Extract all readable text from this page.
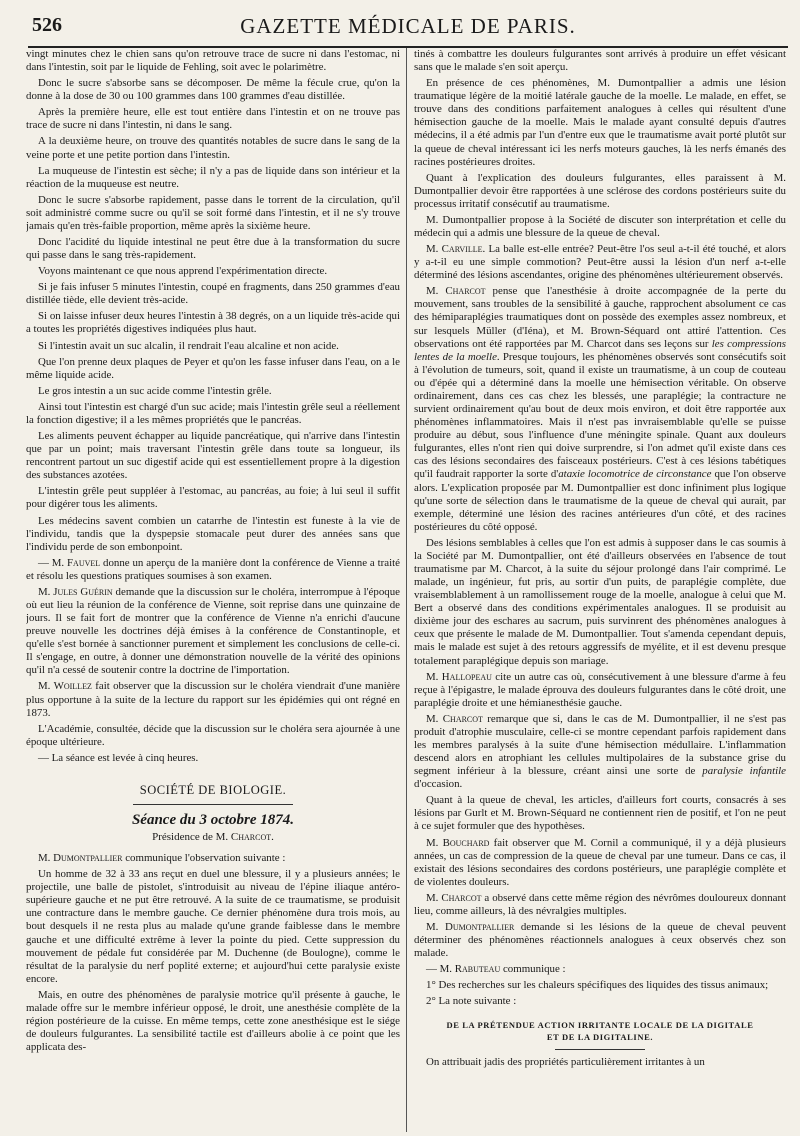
526	GAZETTE MÉDICALE DE PARIS.

vingt minutes chez le chien sans qu'on retrouve trace de sucre ni dans l'estomac, ni dans l'intestin, soit par le liquide de Fehling, soit avec le polarimètre.

Donc le sucre s'absorbe sans se décomposer. De même la fécule crue, qu'on la donne à la dose de 30 ou 100 grammes dans 100 grammes d'eau distillée.

Après la première heure, elle est tout entière dans l'intestin et on ne trouve pas trace de sucre ni dans l'intestin, ni dans le sang.

A la deuxième heure, on trouve des quantités notables de sucre dans le sang de la veine porte et une petite portion dans l'intestin.

La muqueuse de l'intestin est sèche; il n'y a pas de liquide dans son intérieur et la réaction de la muqueuse est neutre.

Donc le sucre s'absorbe rapidement, passe dans le torrent de la circulation, qu'il soit administré comme sucre ou qu'il se soit formé dans l'intestin, et il ne s'y trouve jamais qu'en très-faible proportion, même après la sixième heure.

Donc l'acidité du liquide intestinal ne peut être due à la transformation du sucre qui passe dans le sang très-rapidement.

Voyons maintenant ce que nous apprend l'expérimentation directe.

Si je fais infuser 5 minutes l'intestin, coupé en fragments, dans 250 grammes d'eau distillée tiède, elle devient très-acide.

Si on laisse infuser deux heures l'intestin à 38 degrés, on a un liquide très-acide qui a toutes les propriétés digestives indiquées plus haut.

Si l'intestin avait un suc alcalin, il rendrait l'eau alcaline et non acide.

Que l'on prenne deux plaques de Peyer et qu'on les fasse infuser dans l'eau, on a le même liquide acide.

Le gros intestin a un suc acide comme l'intestin grêle.

Ainsi tout l'intestin est chargé d'un suc acide; mais l'intestin grêle seul a réellement la fonction digestive; il a les mêmes propriétés que le pancréas.

Les aliments peuvent échapper au liquide pancréatique, qui n'arrive dans l'intestin que par un point; mais traversant l'intestin grêle dans toute sa longueur, ils rencontrent partout un suc digestif acide qui est essentiellement propre à la digestion des substances azotées.

L'intestin grêle peut suppléer à l'estomac, au pancréas, au foie; à lui seul il suffit pour digérer tous les aliments.

Les médecins savent combien un catarrhe de l'intestin est funeste à la vie de l'individu, tandis que la dyspepsie stomacale peut durer des années sans que l'individu perde de son embonpoint.

— M. Fauvel donne un aperçu de la manière dont la conférence de Vienne a traité et résolu les questions pratiques soumises à son examen.

M. Jules Guérin demande que la discussion sur le choléra, interrompue à l'époque où eut lieu la réunion de la conférence de Vienne, soit reprise dans une quinzaine de jours. Il se fait fort de montrer que la conférence de Vienne n'a enrichi d'aucune preuve nouvelle les doctrines déjà émises à la conférence de Constantinople, et qu'elle s'est bornée à sanctionner purement et simplement les conclusions de celle-ci. Il s'engage, en outre, à donner une démonstration nouvelle de la vérité des opinions qu'il n'a cessé de soutenir contre la doctrine de l'importation.

M. Woillez fait observer que la discussion sur le choléra viendrait d'une manière plus opportune à la suite de la lecture du rapport sur les épidémies qui ont régné en 1873.

L'Académie, consultée, décide que la discussion sur le choléra sera ajournée à une époque ultérieure.

— La séance est levée à cinq heures.

SOCIÉTÉ DE BIOLOGIE.
Séance du 3 octobre 1874.
Présidence de M. Charcot.

M. Dumontpallier communique l'observation suivante :

Un homme de 32 à 33 ans reçut en duel une blessure, il y a plusieurs années; le projectile, une balle de pistolet, s'introduisit au niveau de l'épine iliaque antéro-supérieure gauche et ne put être retrouvé. A la suite de ce traumatisme, se produisit une contracture dans le membre gauche. Ce dernier phénomène dura trois mois, au bout desquels il ne resta plus au malade qu'une grande faiblesse dans le membre gauche et une difficulté extrême à lever la pointe du pied. Cette suppression du mouvement de pédale fut considérée par M. Duchenne (de Boulogne), comme le résultat de la paralysie du nerf poplité externe; et aujourd'hui cette paralysie existe encore.

Mais, en outre des phénomènes de paralysie motrice qu'il présente à gauche, le malade offre sur le membre inférieur opposé, le droit, une anesthésie complète de la région postérieure de la cuisse. En même temps, cette zone anesthésique est le siége de douleurs fulgurantes. La sensibilité tactile est d'ailleurs abolie à ce point que les applicata des-

tinés à combattre les douleurs fulgurantes sont arrivés à produire un effet vésicant sans que le malade s'en soit aperçu.

En présence de ces phénomènes, M. Dumontpallier a admis une lésion traumatique légère de la moitié latérale gauche de la moelle. Le malade, en effet, se trouve dans des conditions parfaitement analogues à celles qui résultent d'une hémisection gauche de la moelle. Mais le malade ayant consulté depuis d'autres médecins, il a été admis par l'un d'entre eux que le traumatisme avait porté plutôt sur la queue de cheval intéressant ici les nerfs moteurs gauches, là les nerfs émanés des racines postérieures droites.

Quant à l'explication des douleurs fulgurantes, elles paraissent à M. Dumontpallier devoir être rapportées à une sclérose des cordons postérieurs suite du processus irritatif consécutif au traumatisme.

M. Dumontpallier propose à la Société de discuter son interprétation et celle du médecin qui a admis une blessure de la queue de cheval.

M. Carville. La balle est-elle entrée? Peut-être l'os seul a-t-il été touché, et alors y a-t-il eu une simple commotion? Peut-être aussi la lésion d'un nerf a-t-elle déterminé des lésions ascendantes, origine des phénomènes ultérieurement observés.

M. Charcot pense que l'anesthésie à droite accompagnée de la perte du mouvement, sans troubles de la sensibilité à gauche, rapprochent absolument ce cas des hémiparaplégies traumatiques dont on possède des exemples assez nombreux, et sur lesquels Müller (d'Iéna), et M. Brown-Séquard ont attiré l'attention. Ces observations ont été rapportées par M. Charcot dans ses leçons sur les compressions lentes de la moelle. Presque toujours, les phénomènes observés sont consécutifs soit à l'évolution de tumeurs, soit, quand il existe un traumatisme, à un coup de couteau ou d'épée qui a déterminé dans la moelle une hémisection véritable. On observe ordinairement, dans ces cas chez les blessés, une paraplégie; la contracture ne survient ordinairement qu'au bout de deux mois environ, et doit être rapportée aux phénomènes inflammatoires. Mais il n'est pas invraisemblable qu'elle se puisse produire au début, sous l'influence d'une méningite spinale. Quant aux douleurs fulgurantes, elles n'ont rien qui doive surprendre, si l'on admet qu'il existe dans ces cas des lésions secondaires des faisceaux postérieurs. C'est à ces lésions tabétiques qu'il faudrait rapporter la sorte d'ataxie locomotrice de circonstance que l'on observe alors. L'explication proposée par M. Dumontpallier est donc infiniment plus logique qu'une sorte de sélection dans le traumatisme de la queue de cheval qui aurait, par exemple, déterminé une lésion des racines antérieures d'un côté, et des racines postérieures du côté opposé.

Des lésions semblables à celles que l'on est admis à supposer dans le cas soumis à la Société par M. Dumontpallier, ont été d'ailleurs observées en l'absence de tout traumatisme par M. Charcot, à la suite du séjour prolongé dans l'air comprimé. Le malade, un ingénieur, fut pris, au sortir d'un puits, de paraplégie complète, due vraisemblablement à un ramollissement rouge de la moelle, analogue à celui que M. Bert a observé dans des conditions expérimentales analogues. Il se produisit au dixième jour des eschares au sacrum, puis survinrent des phénomènes analogues à ceux que présente le malade de M. Dumontpallier. Tout s'amenda cependant depuis, mais le malade est sujet à des retours aggressifs de myélite, et il est devenu presque totalement paraplégique depuis son mariage.

M. Hallopeau cite un autre cas où, consécutivement à une blessure d'arme à feu reçue à l'épigastre, le malade éprouva des douleurs fulgurantes dans le côté droit, une paraplégie droite et une hémianesthésie gauche.

M. Charcot remarque que si, dans le cas de M. Dumontpallier, il ne s'est pas produit d'atrophie musculaire, celle-ci se montre cependant parfois rapidement dans les membres paralysés à la suite d'une hémisection médullaire. L'inflammation descend alors en atrophiant les cellules multipolaires de la substance grise du segment inférieur à la blessure, créant ainsi une sorte de paralysie infantile d'occasion.

Quant à la queue de cheval, les articles, d'ailleurs fort courts, consacrés à ses lésions par Gurlt et M. Brown-Séquard ne contiennent rien de positif, et l'on ne peut à ce sujet formuler que des hypothèses.

M. Bouchard fait observer que M. Cornil a communiqué, il y a déjà plusieurs années, un cas de compression de la queue de cheval par une tumeur. Dans ce cas, il existait des lésions secondaires des cordons postérieurs, une paraplégie complète et de violentes douleurs.

M. Charcot a observé dans cette même région des névrômes douloureux donnant lieu, comme ailleurs, là des névralgies multiples.

M. Dumontpallier demande si les lésions de la queue de cheval peuvent déterminer des phénomènes réactionnels analogues à ceux observés chez son malade.

— M. Rabuteau communique :

1° Des recherches sur les chaleurs spécifiques des liquides des tissus animaux;

2° La note suivante :

DE LA PRÉTENDUE ACTION IRRITANTE LOCALE DE LA DIGITALE
ET DE LA DIGITALINE.

On attribuait jadis des propriétés particulièrement irritantes à un
